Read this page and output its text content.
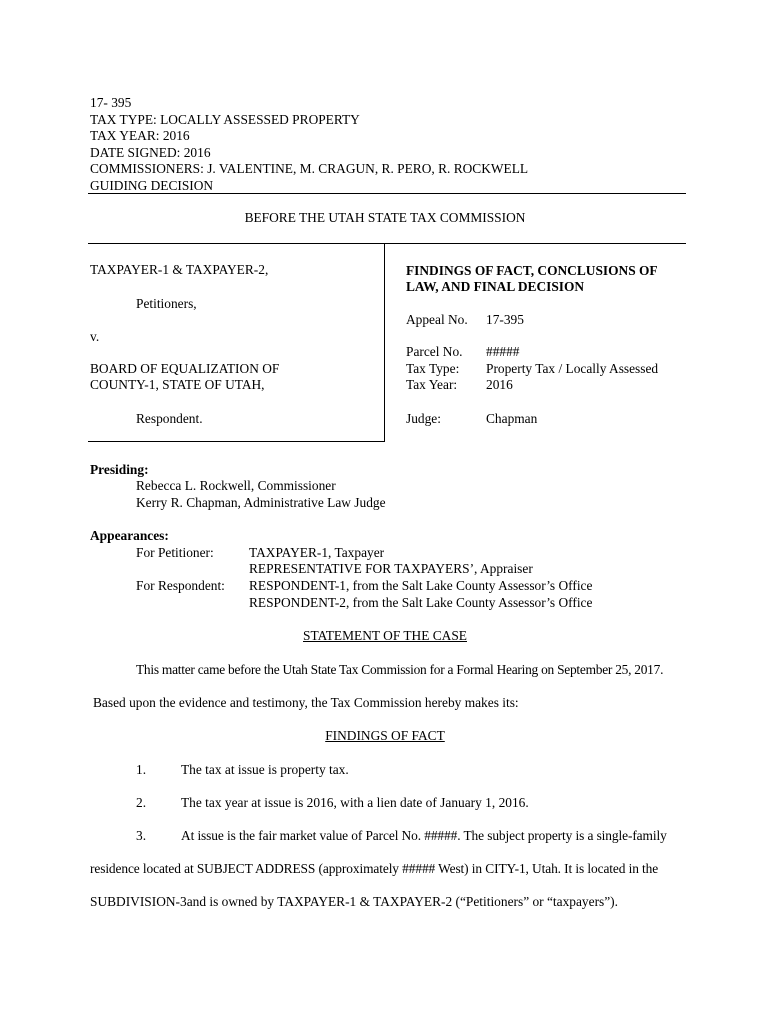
17- 395
TAX TYPE: LOCALLY ASSESSED PROPERTY
TAX YEAR: 2016
DATE SIGNED: 2016
COMMISSIONERS: J. VALENTINE, M. CRAGUN, R. PERO, R. ROCKWELL
GUIDING DECISION
BEFORE THE UTAH STATE TAX COMMISSION
TAXPAYER-1 & TAXPAYER-2,
Petitioners,
v.
BOARD OF EQUALIZATION OF
COUNTY-1, STATE OF UTAH,
Respondent.
FINDINGS OF FACT, CONCLUSIONS OF
LAW, AND FINAL DECISION
Appeal No. 17-395
Parcel No. #####
Tax Type: Property Tax / Locally Assessed
Tax Year: 2016
Judge:	Chapman
Presiding:
Rebecca L. Rockwell, Commissioner
Kerry R. Chapman, Administrative Law Judge
Appearances:
For Petitioner:	TAXPAYER-1, Taxpayer
REPRESENTATIVE FOR TAXPAYERS’, Appraiser
For Respondent: RESPONDENT-1, from the Salt Lake County Assessor’s Office
RESPONDENT-2, from the Salt Lake County Assessor’s Office
STATEMENT OF THE CASE
This matter came before the Utah State Tax Commission for a Formal Hearing on September 25, 2017.
Based upon the evidence and testimony, the Tax Commission hereby makes its:
FINDINGS OF FACT
1.	The tax at issue is property tax.
2.	The tax year at issue is 2016, with a lien date of January 1, 2016.
3.	At issue is the fair market value of Parcel No. #####. The subject property is a single-family
residence located at SUBJECT ADDRESS (approximately ##### West) in CITY-1, Utah. It is located in the
SUBDIVISION-3and is owned by TAXPAYER-1 & TAXPAYER-2 (“Petitioners” or “taxpayers”).
